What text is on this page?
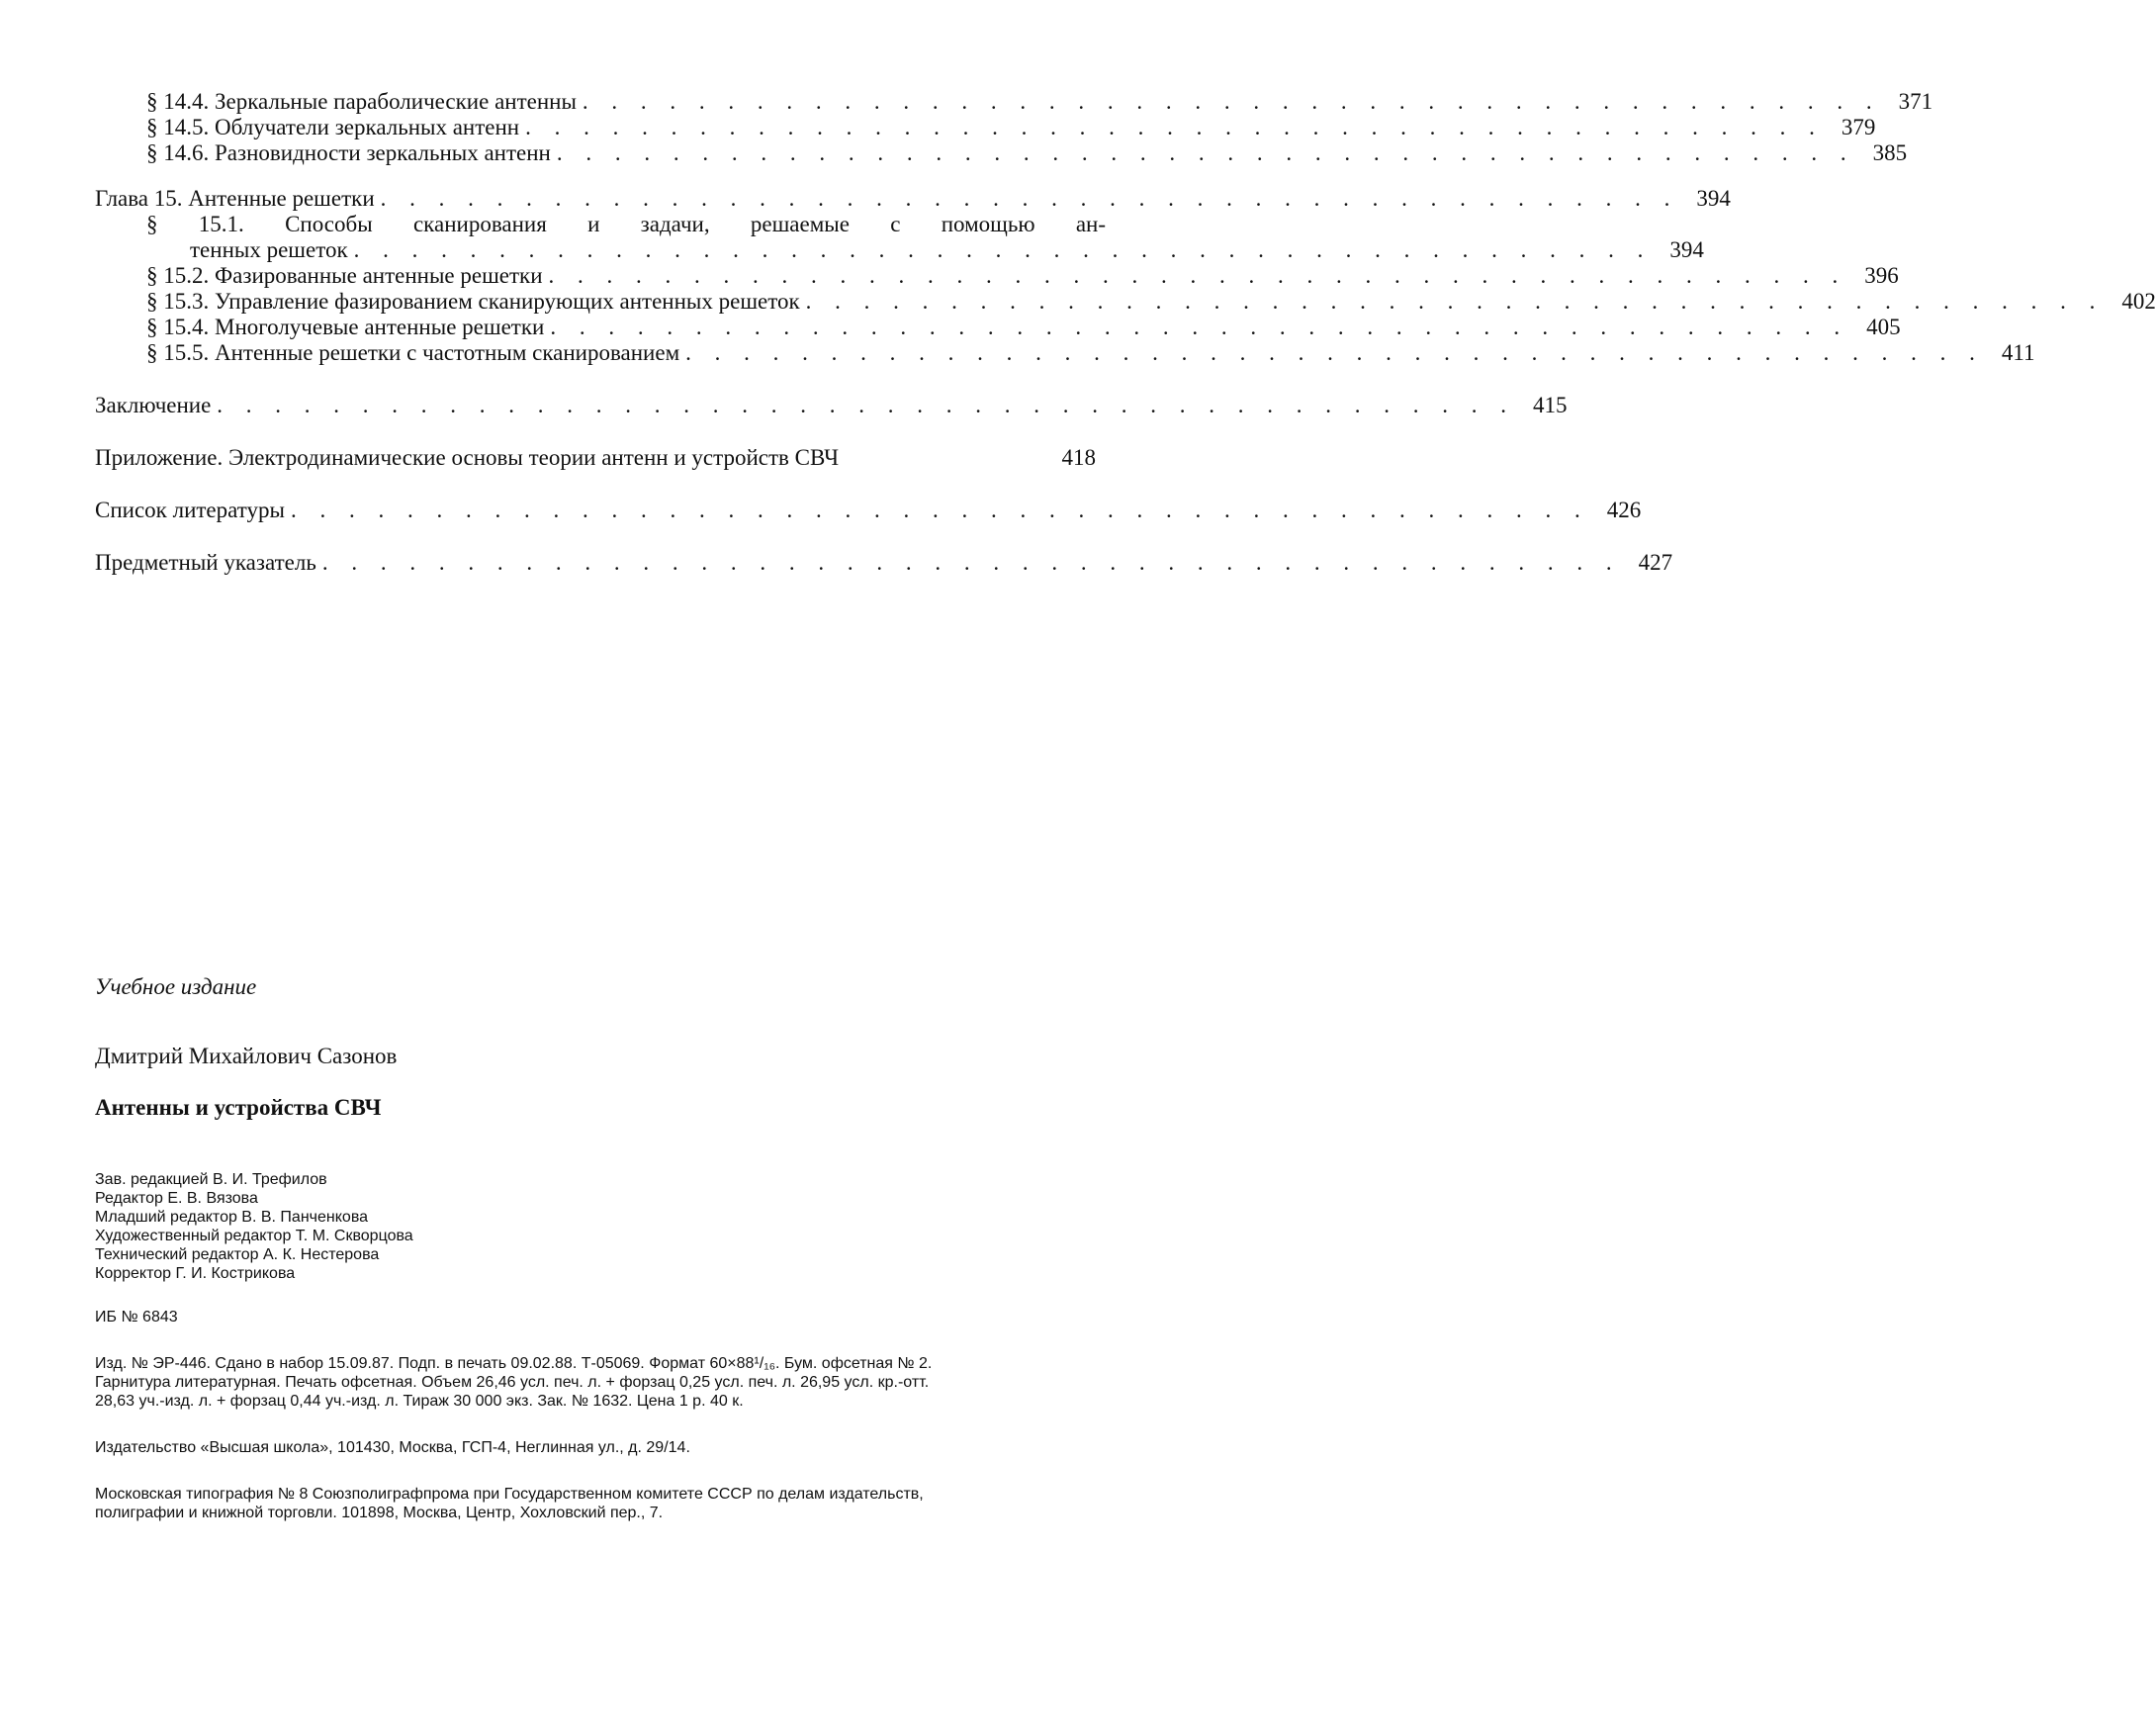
§ 14.4. Зеркальные параболические антенны . . . . . . . . . . . . . . . . . . . . . . . . . . . . . . . . . . . . . . . . . . . . . 371
§ 14.5. Облучатели зеркальных антенн . . . . . . . . . . . . . . . . . . . . . . . . . . . . . . . . . . . . . . . . . . . . . 379
§ 14.6. Разновидности зеркальных антенн . . . . . . . . . . . . . . . . . . . . . . . . . . . . . . . . . . . . . . . . . . . . . 385
Глава 15. Антенные решетки . . . . . . . . . . . . . . . . . . . . . . . . . . . . . . . . . . . . . . . . . . . . . 394
§ 15.1. Способы сканирования и задачи, решаемые с помощью ан-
тенных решеток . . . . . . . . . . . . . . . . . . . . . . . . . . . . . . . . . . . . . . . . . . . . . 394
§ 15.2. Фазированные антенные решетки . . . . . . . . . . . . . . . . . . . . . . . . . . . . . . . . . . . . . . . . . . . . . 396
§ 15.3. Управление фазированием сканирующих антенных решеток . . . . . . . . . . . . . . . . . . . . . . . . . . . . . . . . . . . . . . . . . . . . . 402
§ 15.4. Многолучевые антенные решетки . . . . . . . . . . . . . . . . . . . . . . . . . . . . . . . . . . . . . . . . . . . . . 405
§ 15.5. Антенные решетки с частотным сканированием . . . . . . . . . . . . . . . . . . . . . . . . . . . . . . . . . . . . . . . . . . . . . 411
Заключение . . . . . . . . . . . . . . . . . . . . . . . . . . . . . . . . . . . . . . . . . . . . . 415
Приложение. Электродинамические основы теории антенн и устройств СВЧ	418
Список литературы . . . . . . . . . . . . . . . . . . . . . . . . . . . . . . . . . . . . . . . . . . . . . 426
Предметный указатель . . . . . . . . . . . . . . . . . . . . . . . . . . . . . . . . . . . . . . . . . . . . . 427

Учебное издание

Дмитрий Михайлович Сазонов
Антенны и устройства СВЧ
Зав. редакцией В. И. Трефилов
Редактор Е. В. Вязова
Младший редактор В. В. Панченкова
Художественный редактор Т. М. Скворцова
Технический редактор А. К. Нестерова
Корректор Г. И. Кострикова
ИБ № 6843
Изд. № ЭР-446. Сдано в набор 15.09.87. Подп. в печать 09.02.88. Т-05069. Формат 60×88¹/₁₆. Бум. офсетная № 2. Гарнитура литературная. Печать офсетная. Объем 26,46 усл. печ. л. + форзац 0,25 усл. печ. л. 26,95 усл. кр.-отт. 28,63 уч.-изд. л. + форзац 0,44 уч.-изд. л. Тираж 30 000 экз. Зак. № 1632. Цена 1 р. 40 к.
Издательство «Высшая школа», 101430, Москва, ГСП-4, Неглинная ул., д. 29/14.
Московская типография № 8 Союзполиграфпрома при Государственном комитете СССР по делам издательств, полиграфии и книжной торговли. 101898, Москва, Центр, Хохловский пер., 7.
